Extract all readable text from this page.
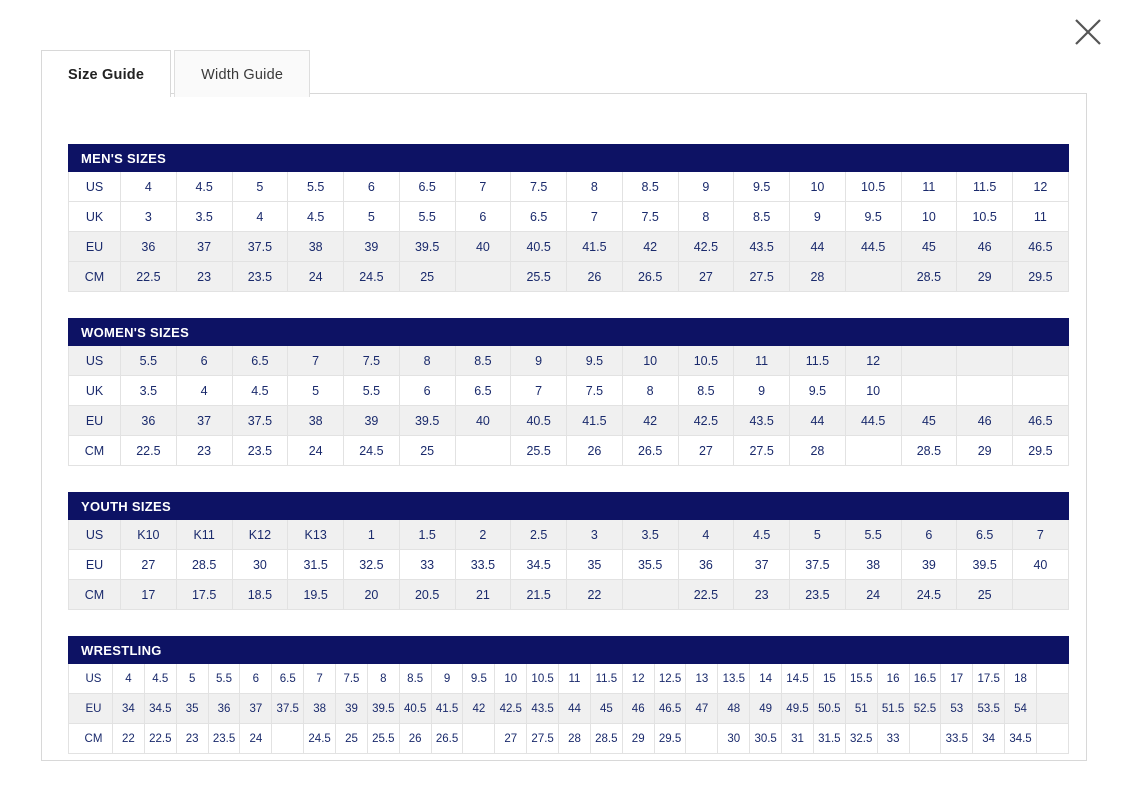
Size Guide	Width Guide
MEN'S SIZES																	
US	4	4.5	5	5.5	6	6.5	7	7.5	8	8.5	9	9.5	10	10.5	11	11.5	12
UK	3	3.5	4	4.5	5	5.5	6	6.5	7	7.5	8	8.5	9	9.5	10	10.5	11
EU	36	37	37.5	38	39	39.5	40	40.5	41.5	42	42.5	43.5	44	44.5	45	46	46.5
CM	22.5	23	23.5	24	24.5	25		25.5	26	26.5	27	27.5	28		28.5	29	29.5
WOMEN'S SIZES																	
US	5.5	6	6.5	7	7.5	8	8.5	9	9.5	10	10.5	11	11.5	12			
UK	3.5	4	4.5	5	5.5	6	6.5	7	7.5	8	8.5	9	9.5	10			
EU	36	37	37.5	38	39	39.5	40	40.5	41.5	42	42.5	43.5	44	44.5	45	46	46.5
CM	22.5	23	23.5	24	24.5	25		25.5	26	26.5	27	27.5	28		28.5	29	29.5
YOUTH SIZES																	
US	K10	K11	K12	K13	1	1.5	2	2.5	3	3.5	4	4.5	5	5.5	6	6.5	7
EU	27	28.5	30	31.5	32.5	33	33.5	34.5	35	35.5	36	37	37.5	38	39	39.5	40
CM	17	17.5	18.5	19.5	20	20.5	21	21.5	22		22.5	23	23.5	24	24.5	25	
WRESTLING																														
US	4	4.5	5	5.5	6	6.5	7	7.5	8	8.5	9	9.5	10	10.5	11	11.5	12	12.5	13	13.5	14	14.5	15	15.5	16	16.5	17	17.5	18	
EU	34	34.5	35	36	37	37.5	38	39	39.5	40.5	41.5	42	42.5	43.5	44	45	46	46.5	47	48	49	49.5	50.5	51	51.5	52.5	53	53.5	54	
CM	22	22.5	23	23.5	24		24.5	25	25.5	26	26.5		27	27.5	28	28.5	29	29.5		30	30.5	31	31.5	32.5	33		33.5	34	34.5	
